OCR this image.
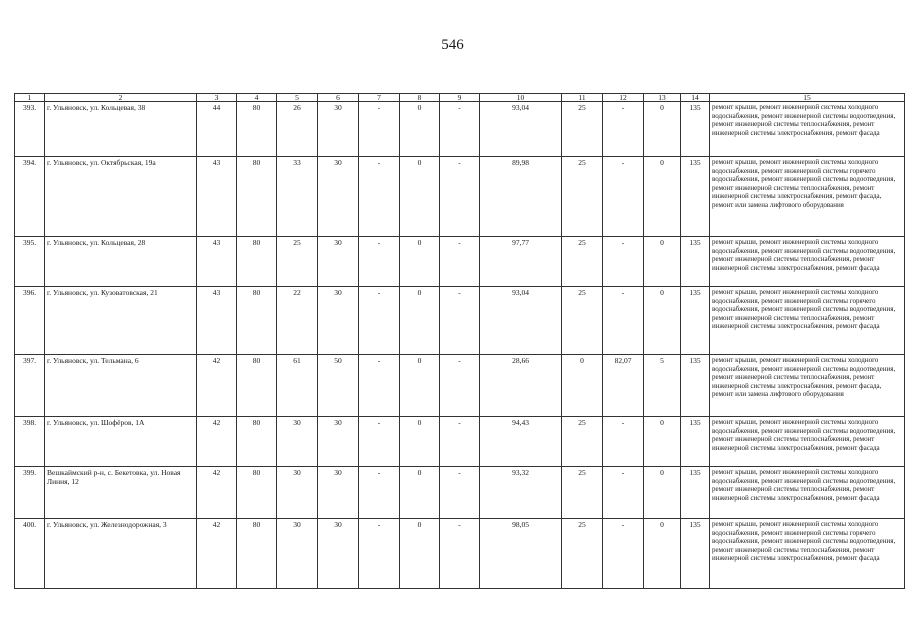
546
1	2	3	4	5	6	7	8	9	10	11	12	13	14	15
393.	г. Ульяновск, ул. Кольцевая, 38	44	80	26	30	-	0	-	93,04	25	-	0	135	ремонт крыши, ремонт инженерной системы холодного водоснабжения, ремонт инженерной системы водоотведения, ремонт инженерной системы теплоснабжения, ремонт инженерной системы электроснабжения, ремонт фасада
394.	г. Ульяновск, ул. Октябрьская, 19а	43	80	33	30	-	0	-	89,98	25	-	0	135	ремонт крыши, ремонт инженерной системы холодного водоснабжения, ремонт инженерной системы горячего водоснабжения, ремонт инженерной системы водоотведения, ремонт инженерной системы теплоснабжения, ремонт инженерной системы электроснабжения, ремонт фасада, ремонт или замена лифтового оборудования
395.	г. Ульяновск, ул. Кольцевая, 28	43	80	25	30	-	0	-	97,77	25	-	0	135	ремонт крыши, ремонт инженерной системы холодного водоснабжения, ремонт инженерной системы водоотведения, ремонт инженерной системы теплоснабжения, ремонт инженерной системы электроснабжения, ремонт фасада
396.	г. Ульяновск, ул. Кузоватовская, 21	43	80	22	30	-	0	-	93,04	25	-	0	135	ремонт крыши, ремонт инженерной системы холодного водоснабжения, ремонт инженерной системы горячего водоснабжения, ремонт инженерной системы водоотведения, ремонт инженерной системы теплоснабжения, ремонт инженерной системы электроснабжения, ремонт фасада
397.	г. Ульяновск, ул. Тельмана, 6	42	80	61	50	-	0	-	28,66	0	82,07	5	135	ремонт крыши, ремонт инженерной системы холодного водоснабжения, ремонт инженерной системы водоотведения, ремонт инженерной системы теплоснабжения, ремонт инженерной системы электроснабжения, ремонт фасада, ремонт или замена лифтового оборудования
398.	г. Ульяновск, ул. Шофёров, 1А	42	80	30	30	-	0	-	94,43	25	-	0	135	ремонт крыши, ремонт инженерной системы холодного водоснабжения, ремонт инженерной системы водоотведения, ремонт инженерной системы теплоснабжения, ремонт инженерной системы электроснабжения, ремонт фасада
399.	Вешкаймский р-н, с. Бекетовка, ул. Новая Линия, 12	42	80	30	30	-	0	-	93,32	25	-	0	135	ремонт крыши, ремонт инженерной системы холодного водоснабжения, ремонт инженерной системы водоотведения, ремонт инженерной системы теплоснабжения, ремонт инженерной системы электроснабжения, ремонт фасада
400.	г. Ульяновск, ул. Железнодорожная, 3	42	80	30	30	-	0	-	98,05	25	-	0	135	ремонт крыши, ремонт инженерной системы холодного водоснабжения, ремонт инженерной системы горячего водоснабжения, ремонт инженерной системы водоотведения, ремонт инженерной системы теплоснабжения, ремонт инженерной системы электроснабжения, ремонт фасада
